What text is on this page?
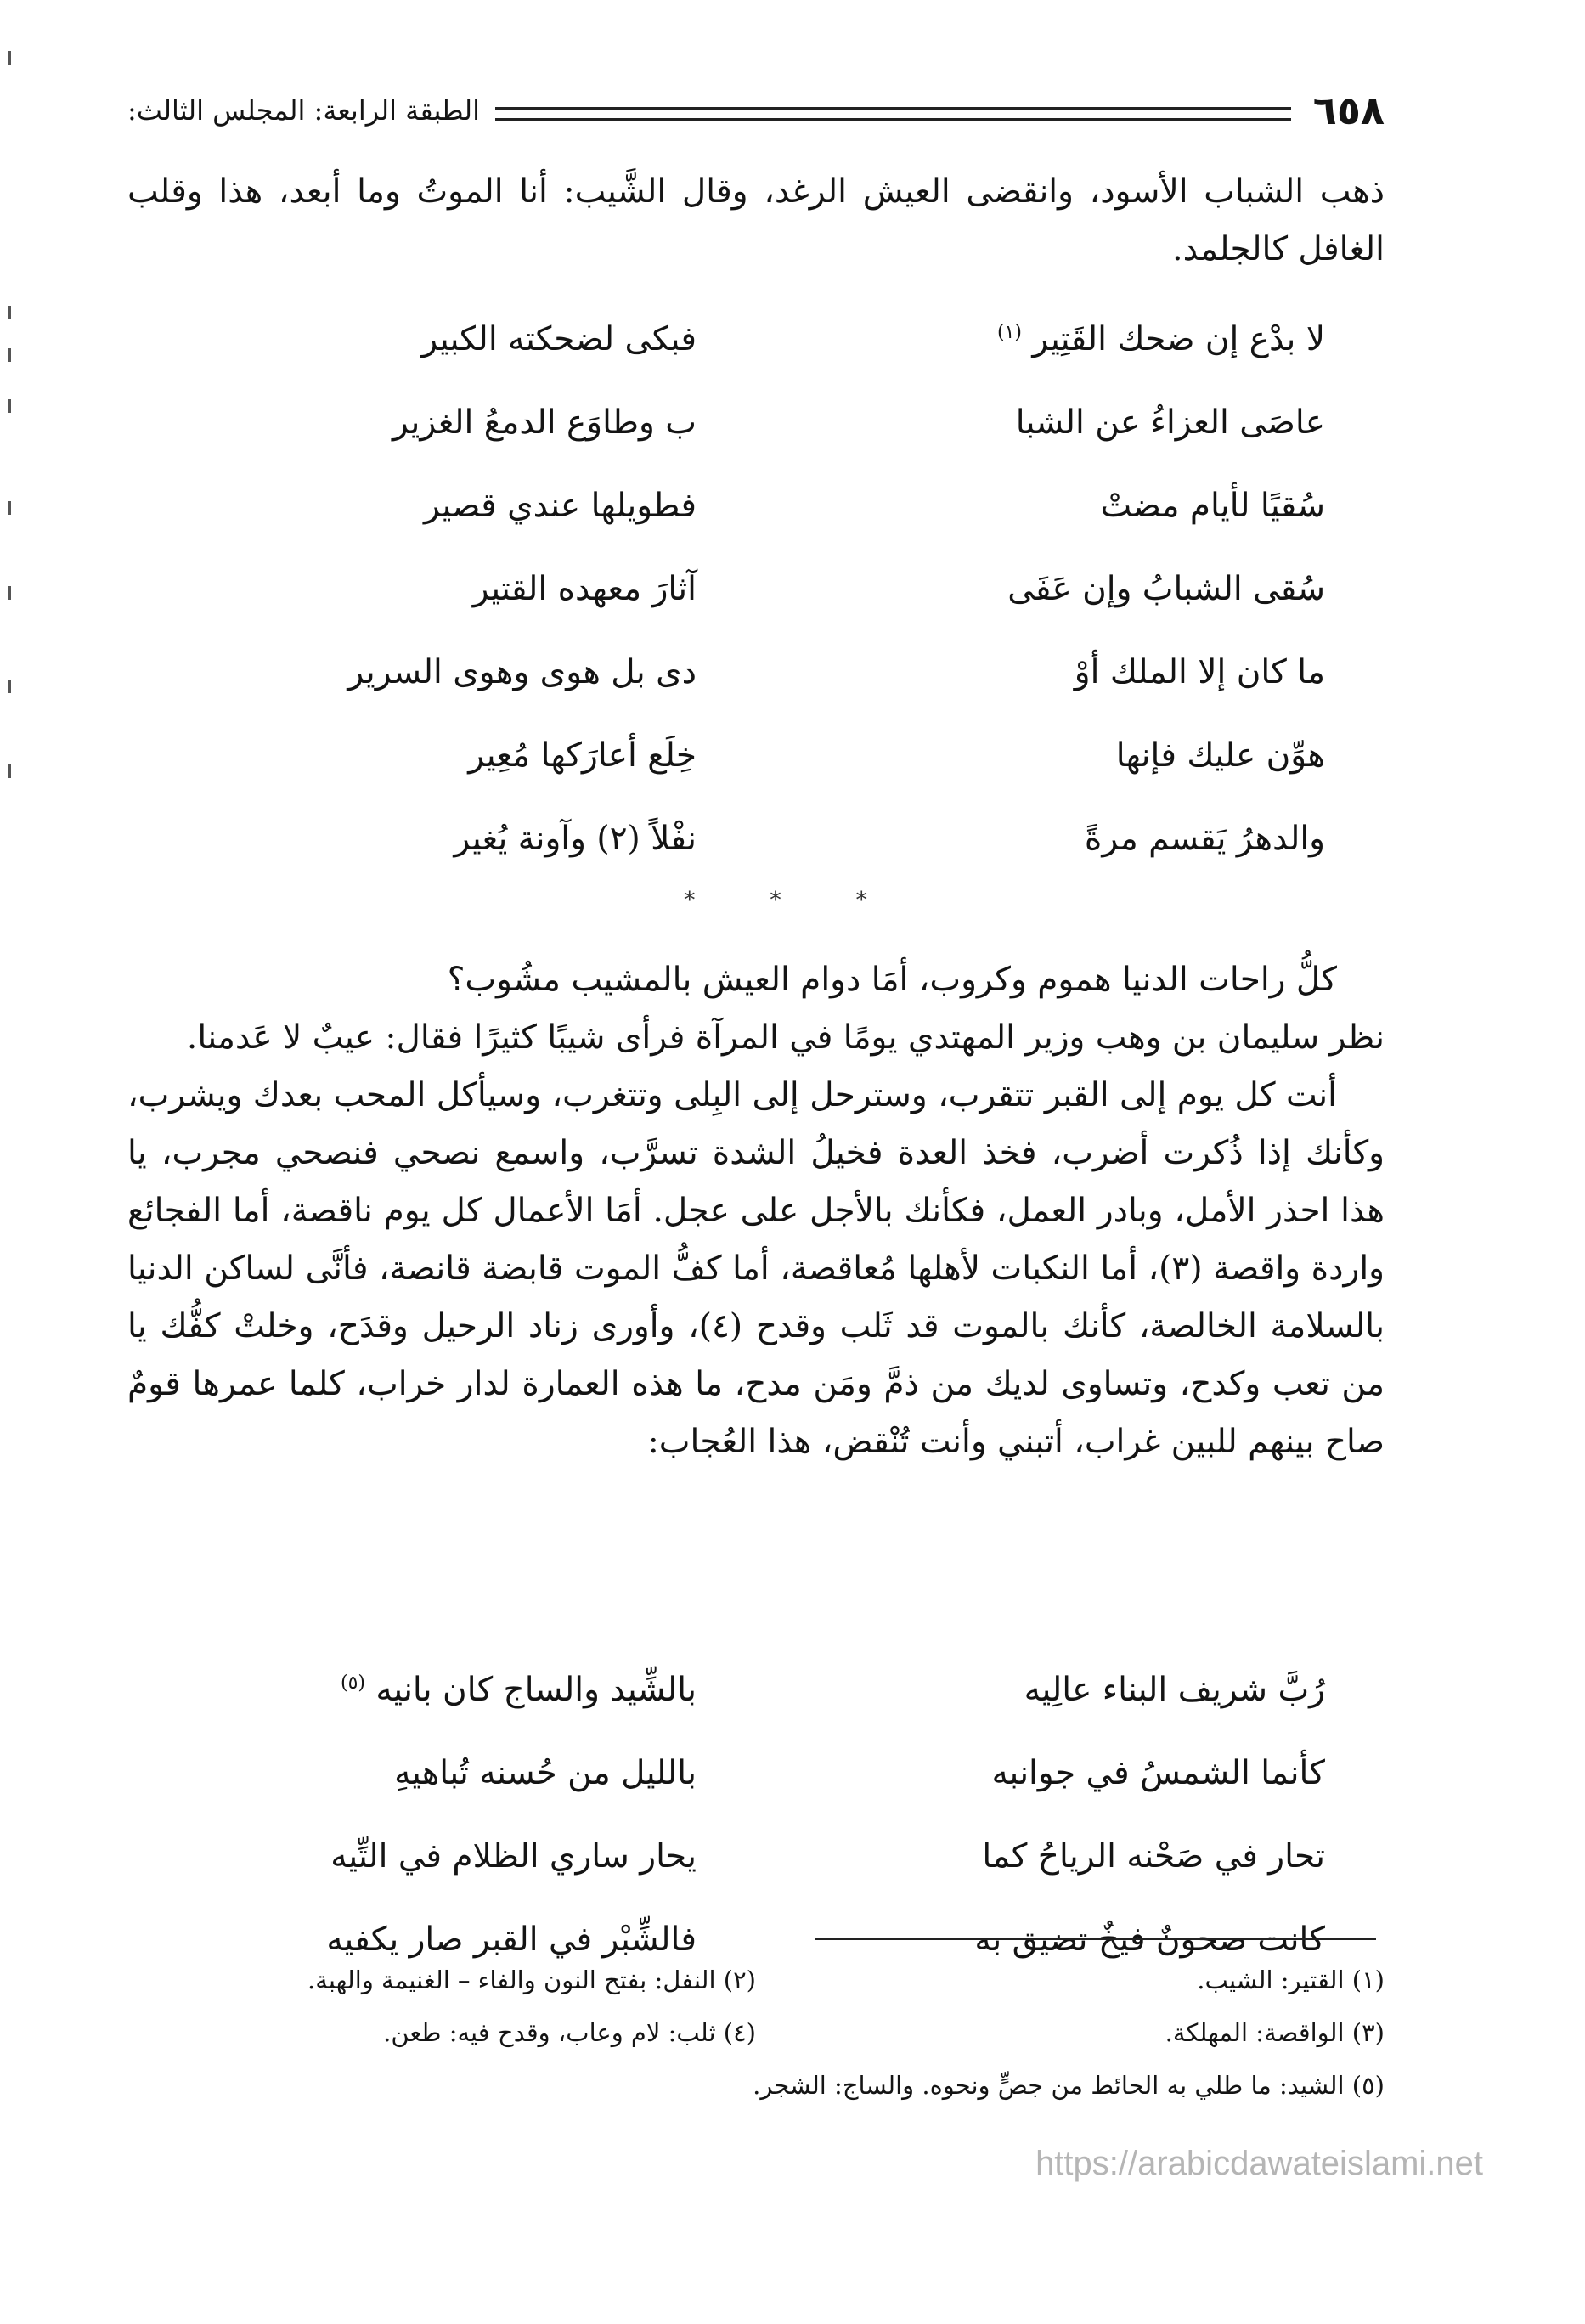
٦٥٨
الطبقة الرابعة: المجلس الثالث:

ذهب الشباب الأسود، وانقضى العيش الرغد، وقال الشَّيب: أنا الموتُ وما أبعد، هذا وقلب الغافل كالجلمد.

لا بدْع إن ضحك القَتِير $^{(١)}$
فبكى لضحكته الكبير
عاصَى العزاءُ عن الشبا
ب وطاوَع الدمعُ الغزير
سُقيًا لأيام مضتْ
فطويلها عندي قصير
سُقى الشبابُ وإن عَفَى
آثارَ معهده القتير
ما كان إلا الملك أوْ
دى بل هوى وهوى السرير
هوِّن عليك فإنها
خِلَع أعارَكها مُعِير
والدهرُ يَقسم مرةً
نفْلاً (٢) وآونة يُغير
* * *

كلُّ راحات الدنيا هموم وكروب، أمَا دوام العيش بالمشيب مشُوب؟

نظر سليمان بن وهب وزير المهتدي يومًا في المرآة فرأى شيبًا كثيرًا فقال: عيبٌ لا عَدمنا.

أنت كل يوم إلى القبر تتقرب، وسترحل إلى البِلى وتتغرب، وسيأكل المحب بعدك ويشرب، وكأنك إذا ذُكرت أضرب، فخذ العدة فخيلُ الشدة تسرَّب، واسمع نصحي فنصحي مجرب، يا هذا احذر الأمل، وبادر العمل، فكأنك بالأجل على عجل. أمَا الأعمال كل يوم ناقصة، أما الفجائع واردة واقصة (٣)، أما النكبات لأهلها مُعاقصة، أما كفُّ الموت قابضة قانصة، فأنَّى لساكن الدنيا بالسلامة الخالصة، كأنك بالموت قد ثَلب وقدح (٤)، وأورى زناد الرحيل وقدَح، وخلتْ كفُّك يا من تعب وكدح، وتساوى لديك من ذمَّ ومَن مدح، ما هذه العمارة لدار خراب، كلما عمرها قومٌ صاح بينهم للبين غراب، أتبني وأنت تُنْقض، هذا العُجاب:

رُبَّ شريف البناء عالِيه
بالشِّيد والساج كان بانيه $^{(٥)}$
كأنما الشمسُ في جوانبه
بالليل من حُسنه تُباهيهِ
تحار في صَحْنه الرياحُ كما
يحار ساري الظلام في التِّيه
كانت صحونٌ فيخٌ تضيق به
فالشِّبْر في القبر صار يكفيه
(١) القتير: الشيب.
(٢) النفل: بفتح النون والفاء – الغنيمة والهبة.
(٣) الواقصة: المهلكة.
(٤) ثلب: لام وعاب، وقدح فيه: طعن.
(٥) الشيد: ما طلي به الحائط من جصٍّ ونحوه. والساج: الشجر.
https://arabicdawateislami.net
